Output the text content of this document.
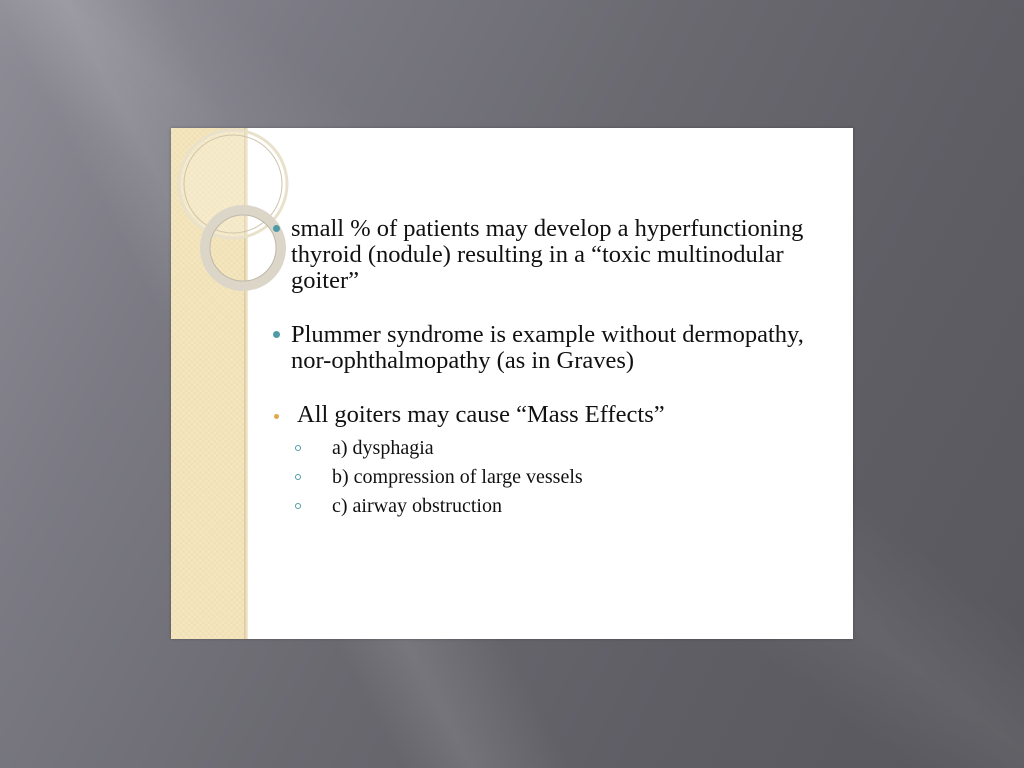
small % of patients may develop a hyperfunctioning thyroid (nodule) resulting in a “toxic multinodular goiter”
Plummer syndrome is example without dermopathy, nor-ophthalmopathy (as in Graves)
All goiters may cause “Mass Effects”
a) dysphagia
b) compression of large vessels
c) airway obstruction
